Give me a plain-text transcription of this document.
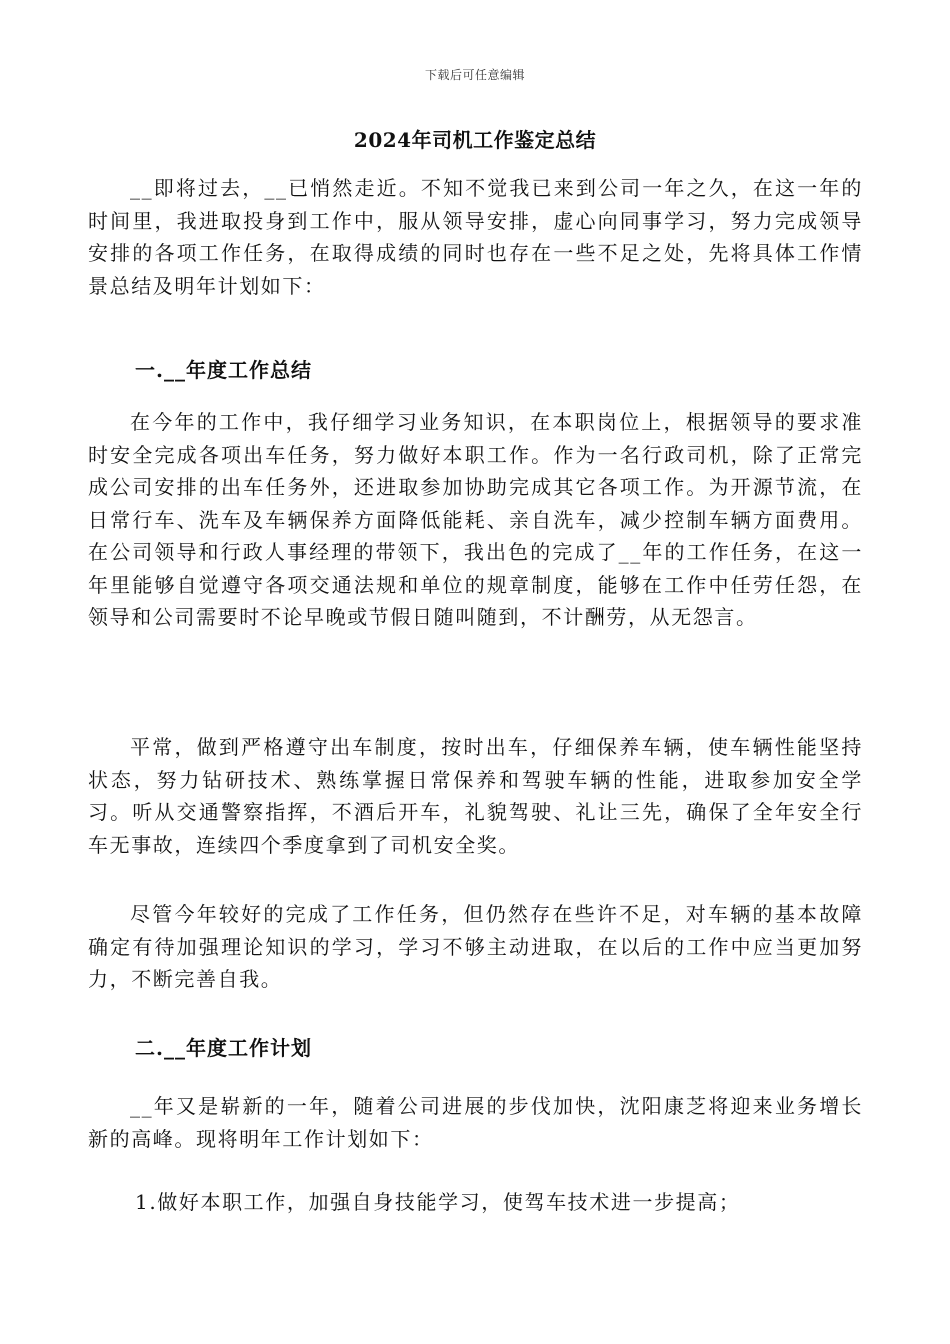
下载后可任意编辑
2024年司机工作鉴定总结

__即将过去，__已悄然走近。不知不觉我已来到公司一年之久，在这一年的时间里，我进取投身到工作中，服从领导安排，虚心向同事学习，努力完成领导安排的各项工作任务，在取得成绩的同时也存在一些不足之处，先将具体工作情景总结及明年计划如下：

一.__年度工作总结

在今年的工作中，我仔细学习业务知识，在本职岗位上，根据领导的要求准时安全完成各项出车任务，努力做好本职工作。作为一名行政司机，除了正常完成公司安排的出车任务外，还进取参加协助完成其它各项工作。为开源节流，在日常行车、洗车及车辆保养方面降低能耗、亲自洗车，减少控制车辆方面费用。在公司领导和行政人事经理的带领下，我出色的完成了__年的工作任务，在这一年里能够自觉遵守各项交通法规和单位的规章制度，能够在工作中任劳任怨，在领导和公司需要时不论早晚或节假日随叫随到，不计酬劳，从无怨言。

平常，做到严格遵守出车制度，按时出车，仔细保养车辆，使车辆性能坚持状态，努力钻研技术、熟练掌握日常保养和驾驶车辆的性能，进取参加安全学习。听从交通警察指挥，不酒后开车，礼貌驾驶、礼让三先，确保了全年安全行车无事故，连续四个季度拿到了司机安全奖。

尽管今年较好的完成了工作任务，但仍然存在些许不足，对车辆的基本故障确定有待加强理论知识的学习，学习不够主动进取，在以后的工作中应当更加努力，不断完善自我。

二.__年度工作计划

__年又是崭新的一年，随着公司进展的步伐加快，沈阳康芝将迎来业务增长新的高峰。现将明年工作计划如下：

1.做好本职工作，加强自身技能学习，使驾车技术进一步提高；
